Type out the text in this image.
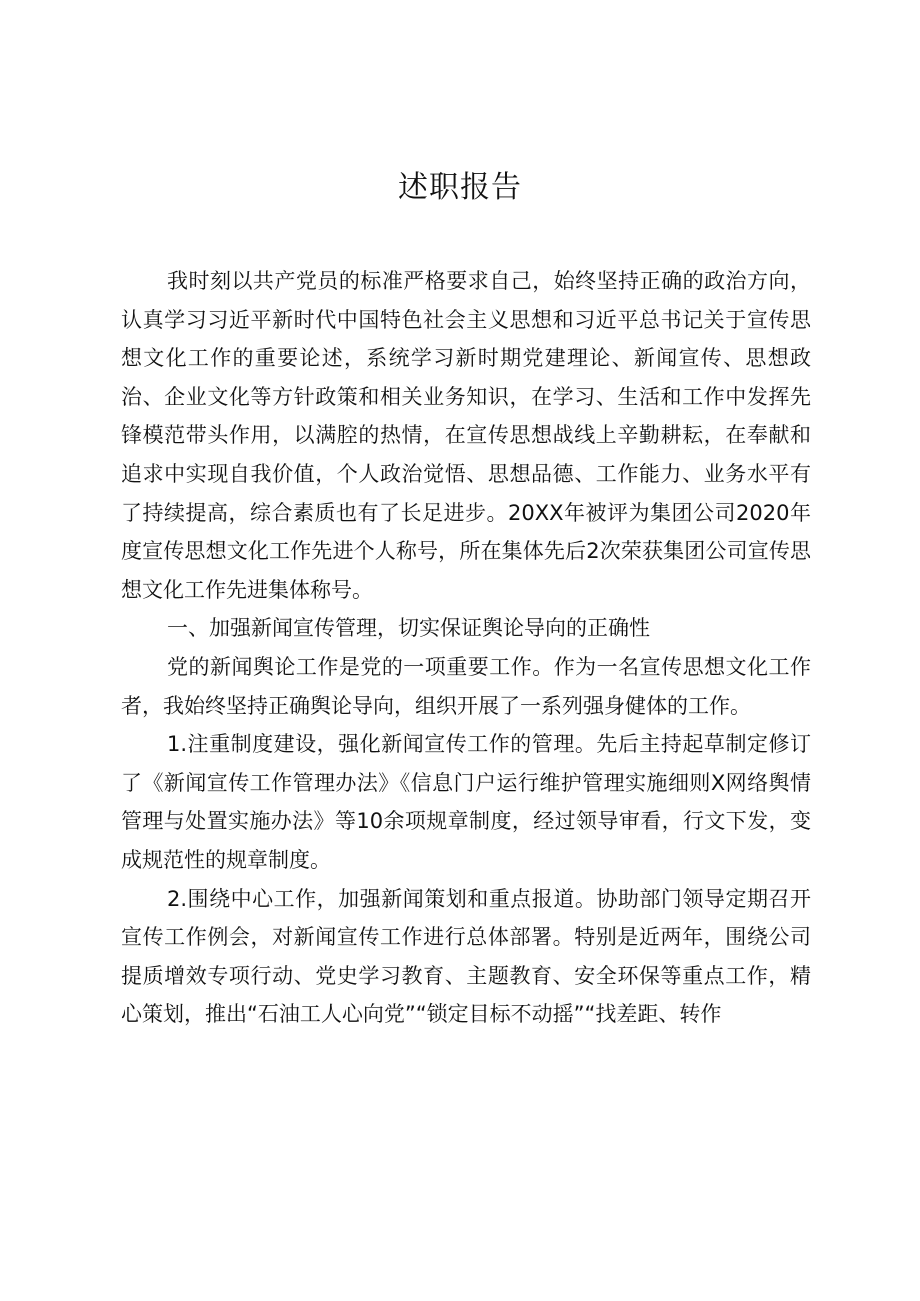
述职报告

我时刻以共产党员的标准严格要求自己，始终坚持正确的政治方向，认真学习习近平新时代中国特色社会主义思想和习近平总书记关于宣传思想文化工作的重要论述，系统学习新时期党建理论、新闻宣传、思想政治、企业文化等方针政策和相关业务知识，在学习、生活和工作中发挥先锋模范带头作用，以满腔的热情，在宣传思想战线上辛勤耕耘，在奉献和追求中实现自我价值，个人政治觉悟、思想品德、工作能力、业务水平有了持续提高，综合素质也有了长足进步。20XX年被评为集团公司2020年度宣传思想文化工作先进个人称号，所在集体先后2次荣获集团公司宣传思想文化工作先进集体称号。

一、加强新闻宣传管理，切实保证舆论导向的正确性

党的新闻舆论工作是党的一项重要工作。作为一名宣传思想文化工作者，我始终坚持正确舆论导向，组织开展了一系列强身健体的工作。

1.注重制度建设，强化新闻宣传工作的管理。先后主持起草制定修订了《新闻宣传工作管理办法》《信息门户运行维护管理实施细则X网络舆情管理与处置实施办法》等10余项规章制度，经过领导审看，行文下发，变成规范性的规章制度。

2.围绕中心工作，加强新闻策划和重点报道。协助部门领导定期召开宣传工作例会，对新闻宣传工作进行总体部署。特别是近两年，围绕公司提质增效专项行动、党史学习教育、主题教育、安全环保等重点工作，精心策划，推出“石油工人心向党”“锁定目标不动摇”“找差距、转作
